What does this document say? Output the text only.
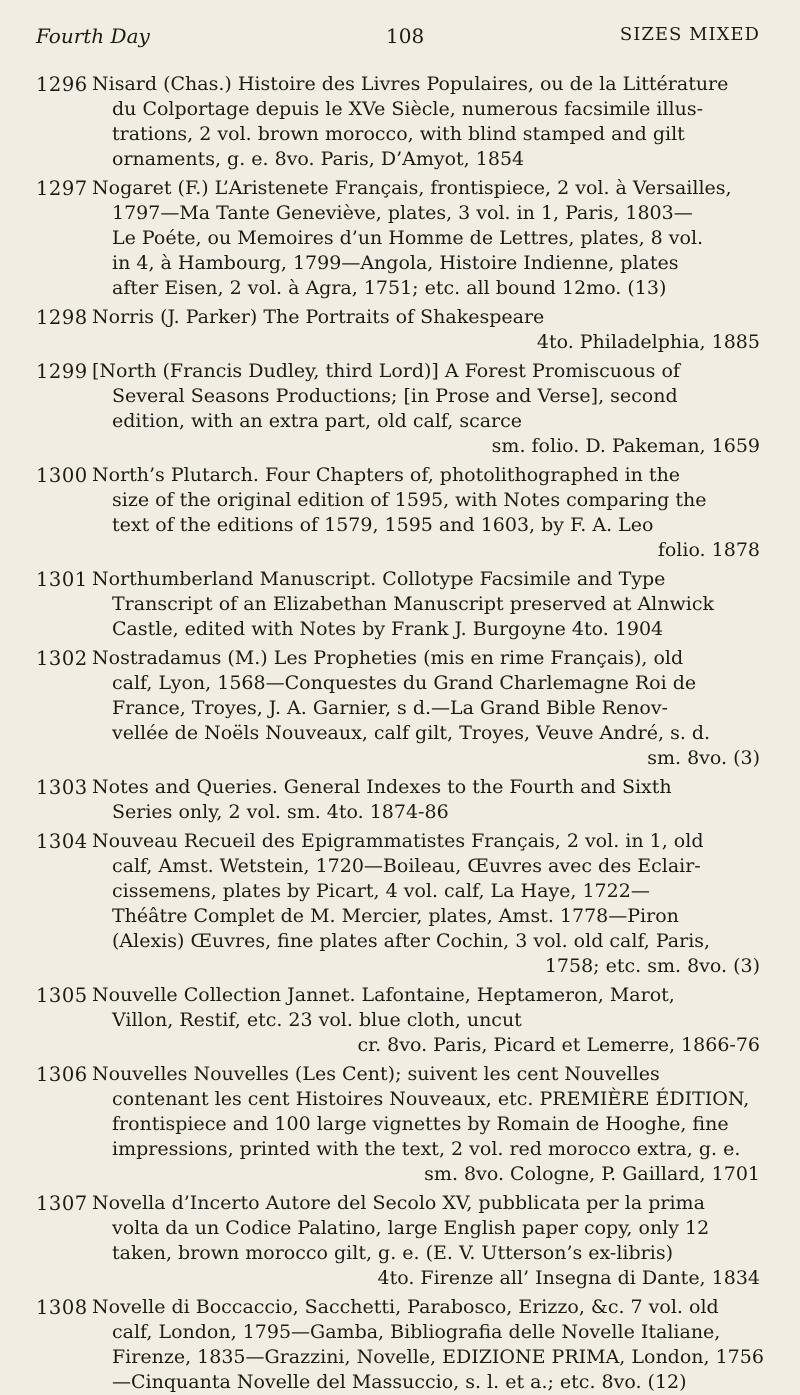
Fourth Day	108	SIZES MIXED
1296 Nisard (Chas.) Histoire des Livres Populaires, ou de la Littérature
du Colportage depuis le XVe Siècle, numerous facsimile illus-
trations, 2 vol. brown morocco, with blind stamped and gilt
ornaments, g. e. 8vo. Paris, D’Amyot, 1854
1297 Nogaret (F.) L’Aristenete Français, frontispiece, 2 vol. à Versailles,
1797—Ma Tante Geneviève, plates, 3 vol. in 1, Paris, 1803—
Le Poéte, ou Memoires d’un Homme de Lettres, plates, 8 vol.
in 4, à Hambourg, 1799—Angola, Histoire Indienne, plates
after Eisen, 2 vol. à Agra, 1751; etc. all bound 12mo. (13)
1298 Norris (J. Parker) The Portraits of Shakespeare
4to. Philadelphia, 1885
1299 [North (Francis Dudley, third Lord)] A Forest Promiscuous of
Several Seasons Productions; [in Prose and Verse], second
edition, with an extra part, old calf, scarce
sm. folio. D. Pakeman, 1659
1300 North’s Plutarch. Four Chapters of, photolithographed in the
size of the original edition of 1595, with Notes comparing the
text of the editions of 1579, 1595 and 1603, by F. A. Leo
folio. 1878
1301 Northumberland Manuscript. Collotype Facsimile and Type
Transcript of an Elizabethan Manuscript preserved at Alnwick
Castle, edited with Notes by Frank J. Burgoyne 4to. 1904
1302 Nostradamus (M.) Les Propheties (mis en rime Français), old
calf, Lyon, 1568—Conquestes du Grand Charlemagne Roi de
France, Troyes, J. A. Garnier, s d.—La Grand Bible Renov-
vellée de Noëls Nouveaux, calf gilt, Troyes, Veuve André, s. d.
sm. 8vo. (3)
1303 Notes and Queries. General Indexes to the Fourth and Sixth
Series only, 2 vol. sm. 4to. 1874-86
1304 Nouveau Recueil des Epigrammatistes Français, 2 vol. in 1, old
calf, Amst. Wetstein, 1720—Boileau, Œuvres avec des Eclair-
cissemens, plates by Picart, 4 vol. calf, La Haye, 1722—
Théâtre Complet de M. Mercier, plates, Amst. 1778—Piron
(Alexis) Œuvres, fine plates after Cochin, 3 vol. old calf, Paris,
1758; etc. sm. 8vo. (3)
1305 Nouvelle Collection Jannet. Lafontaine, Heptameron, Marot,
Villon, Restif, etc. 23 vol. blue cloth, uncut
cr. 8vo. Paris, Picard et Lemerre, 1866-76
1306 Nouvelles Nouvelles (Les Cent); suivent les cent Nouvelles
contenant les cent Histoires Nouveaux, etc. PREMIÈRE ÉDITION,
frontispiece and 100 large vignettes by Romain de Hooghe, fine
impressions, printed with the text, 2 vol. red morocco extra, g. e.
sm. 8vo. Cologne, P. Gaillard, 1701
1307 Novella d’Incerto Autore del Secolo XV, pubblicata per la prima
volta da un Codice Palatino, large English paper copy, only 12
taken, brown morocco gilt, g. e. (E. V. Utterson’s ex-libris)
4to. Firenze all’ Insegna di Dante, 1834
1308 Novelle di Boccaccio, Sacchetti, Parabosco, Erizzo, &c. 7 vol. old
calf, London, 1795—Gamba, Bibliografia delle Novelle Italiane,
Firenze, 1835—Grazzini, Novelle, EDIZIONE PRIMA, London, 1756
—Cinquanta Novelle del Massuccio, s. l. et a.; etc. 8vo. (12)
